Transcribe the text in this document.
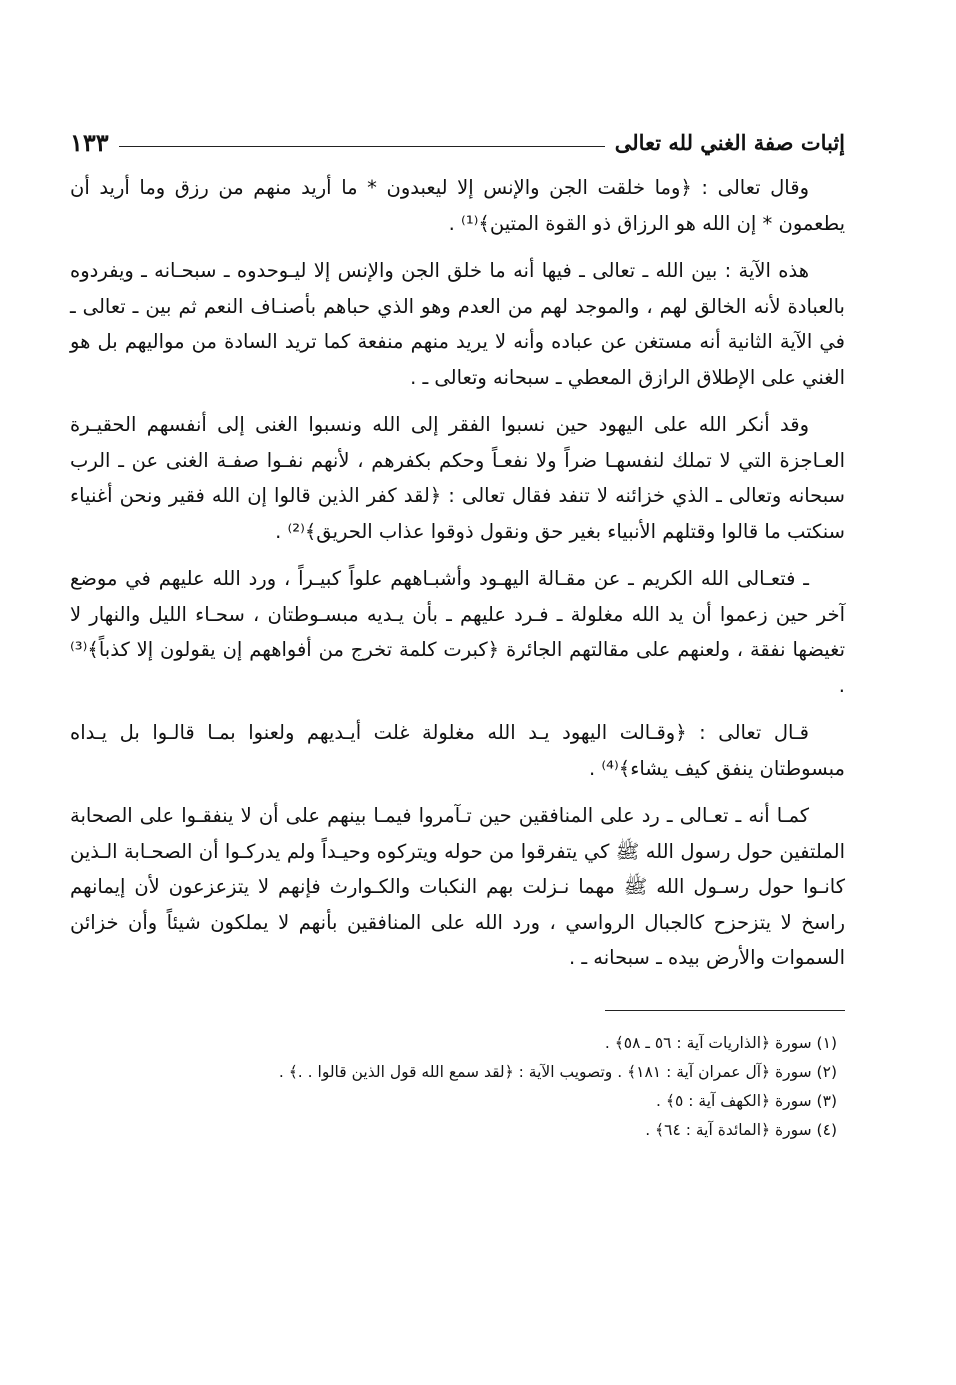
إثبات صفة الغني لله تعالى
١٣٣

وقال تعالى : ﴿وما خلقت الجن والإنس إلا ليعبدون * ما أريد منهم من رزق وما أريد أن يطعمون * إن الله هو الرزاق ذو القوة المتين﴾⁽¹⁾ .

هذه الآية : بين الله ـ تعالى ـ فيها أنه ما خلق الجن والإنس إلا ليـوحدوه ـ سبحـانه ـ ويفردوه بالعبادة لأنه الخالق لهم ، والموجد لهم من العدم وهو الذي حباهم بأصنـاف النعم ثم بين ـ تعالى ـ في الآية الثانية أنه مستغن عن عباده وأنه لا يريد منهم منفعة كما تريد السادة من مواليهم بل هو الغني على الإطلاق الرازق المعطي ـ سبحانه وتعالى ـ .

وقد أنكر الله على اليهود حين نسبوا الفقر إلى الله ونسبوا الغنى إلى أنفسهم الحقيـرة العـاجزة التي لا تملك لنفسهـا ضراً ولا نفعـاً وحكم بكفرهم ، لأنهم نفـوا صفـة الغنى عن ـ الرب سبحانه وتعالى ـ الذي خزائنه لا تنفد فقال تعالى : ﴿لقد كفر الذين قالوا إن الله فقير ونحن أغنياء سنكتب ما قالوا وقتلهم الأنبياء بغير حق ونقول ذوقوا عذاب الحريق﴾⁽²⁾ .

ـ فتعـالى الله الكريم ـ عن مقـالة اليهـود وأشبـاههم علواً كبيـراً ، ورد الله عليهم في موضع آخر حين زعموا أن يد الله مغلولة ـ فـرد عليهم ـ بأن يـديه مبسـوطتان ، سحـاء الليل والنهار لا تغيضها نفقة ، ولعنهم على مقالتهم الجائرة ﴿كبرت كلمة تخرج من أفواههم إن يقولون إلا كذباً﴾⁽³⁾ .

قـال تعالى : ﴿وقـالت اليهود يـد الله مغلولة غلت أيـديهم ولعنوا بمـا قالـوا بل يـداه مبسوطتان ينفق كيف يشاء﴾⁽⁴⁾ .

كمـا أنه ـ تعـالى ـ رد على المنافقين حين تـآمروا فيمـا بينهم على أن لا ينفقـوا على الصحابة الملتفين حول رسول الله ﷺ كي يتفرقوا من حوله ويتركوه وحيـداً ولم يدركـوا أن الصحـابة الـذين كانـوا حول رسـول الله ﷺ مهما نـزلت بهم النكبات والكـوارث فإنهم لا يتزعزعون لأن إيمانهم راسخ لا يتزحزح كالجبال الرواسي ، ورد الله على المنافقين بأنهم لا يملكون شيئاً وأن خزائن السموات والأرض بيده ـ سبحانه ـ .

(١) سورة ﴿الذاريات آية : ٥٦ ـ ٥٨﴾ .
(٢) سورة ﴿آل عمران آية : ١٨١﴾ . وتصويب الآية : ﴿لقد سمع الله قول الذين قالوا . .﴾ .
(٣) سورة ﴿الكهف آية : ٥﴾ .
(٤) سورة ﴿المائدة آية : ٦٤﴾ .
